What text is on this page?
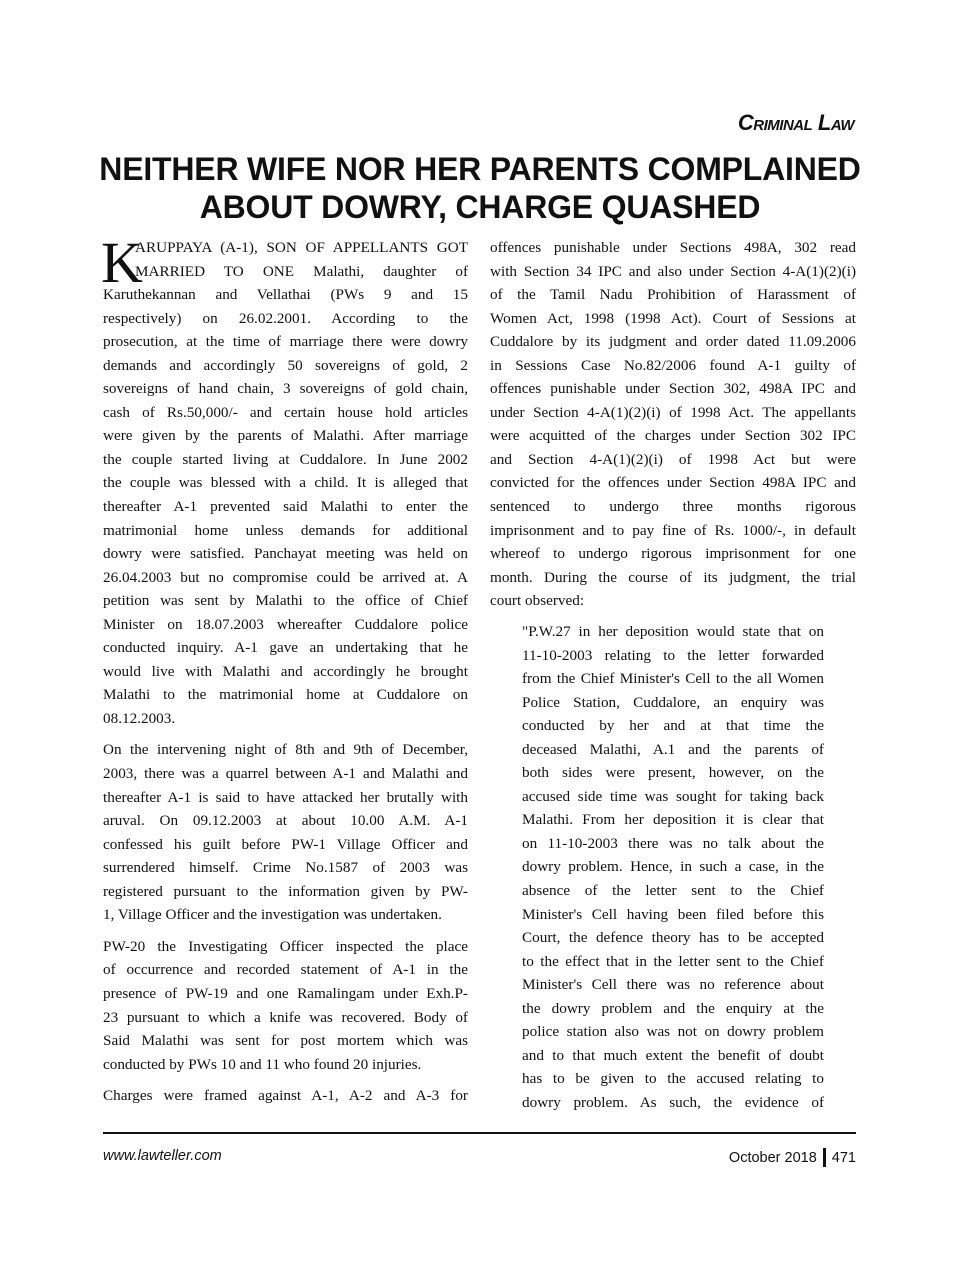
Criminal Law
NEITHER WIFE NOR HER PARENTS COMPLAINED
ABOUT DOWRY, CHARGE QUASHED
K
ARUPPAYA (A-1), SON OF APPELLANTS GOT
MARRIED TO ONE Malathi, daughter of
Karuthekannan and Vellathai (PWs 9 and 15
respectively) on 26.02.2001. According to the
prosecution, at the time of marriage there were dowry
demands and accordingly 50 sovereigns of gold, 2
sovereigns of hand chain, 3 sovereigns of gold chain,
cash of Rs.50,000/- and certain house hold articles
were given by the parents of Malathi. After marriage
the couple started living at Cuddalore. In June 2002
the couple was blessed with a child. It is alleged that
thereafter A-1 prevented said Malathi to enter the
matrimonial home unless demands for additional
dowry were satisfied. Panchayat meeting was held on
26.04.2003 but no compromise could be arrived at. A
petition was sent by Malathi to the office of Chief
Minister on 18.07.2003 whereafter Cuddalore police
conducted inquiry. A-1 gave an undertaking that he
would live with Malathi and accordingly he brought
Malathi to the matrimonial home at Cuddalore on
08.12.2003.
On the intervening night of 8th and 9th of December,
2003, there was a quarrel between A-1 and Malathi and
thereafter A-1 is said to have attacked her brutally with
aruval. On 09.12.2003 at about 10.00 A.M. A-1
confessed his guilt before PW-1 Village Officer and
surrendered himself. Crime No.1587 of 2003 was
registered pursuant to the information given by PW-
1, Village Officer and the investigation was undertaken.
PW-20 the Investigating Officer inspected the place
of occurrence and recorded statement of A-1 in the
presence of PW-19 and one Ramalingam under Exh.P-
23 pursuant to which a knife was recovered. Body of
Said Malathi was sent for post mortem which was
conducted by PWs 10 and 11 who found 20 injuries.
Charges were framed against A-1, A-2 and A-3 for
offences punishable under Sections 498A, 302 read
with Section 34 IPC and also under Section 4-A(1)(2)(i)
of the Tamil Nadu Prohibition of Harassment of
Women Act, 1998 (1998 Act). Court of Sessions at
Cuddalore by its judgment and order dated 11.09.2006
in Sessions Case No.82/2006 found A-1 guilty of
offences punishable under Section 302, 498A IPC and
under Section 4-A(1)(2)(i) of 1998 Act. The appellants
were acquitted of the charges under Section 302 IPC
and Section 4-A(1)(2)(i) of 1998 Act but were
convicted for the offences under Section 498A IPC and
sentenced to undergo three months rigorous
imprisonment and to pay fine of Rs. 1000/-, in default
whereof to undergo rigorous imprisonment for one
month. During the course of its judgment, the trial
court observed:
"P.W.27 in her deposition would state that on
11-10-2003 relating to the letter forwarded
from the Chief Minister's Cell to the all Women
Police Station, Cuddalore, an enquiry was
conducted by her and at that time the
deceased Malathi, A.1 and the parents of
both sides were present, however, on the
accused side time was sought for taking back
Malathi. From her deposition it is clear that
on 11-10-2003 there was no talk about the
dowry problem. Hence, in such a case, in the
absence of the letter sent to the Chief
Minister's Cell having been filed before this
Court, the defence theory has to be accepted
to the effect that in the letter sent to the Chief
Minister's Cell there was no reference about
the dowry problem and the enquiry at the
police station also was not on dowry problem
and to that much extent the benefit of doubt
has to be given to the accused relating to
dowry problem. As such, the evidence of
www.lawteller.com	October 2018 471
